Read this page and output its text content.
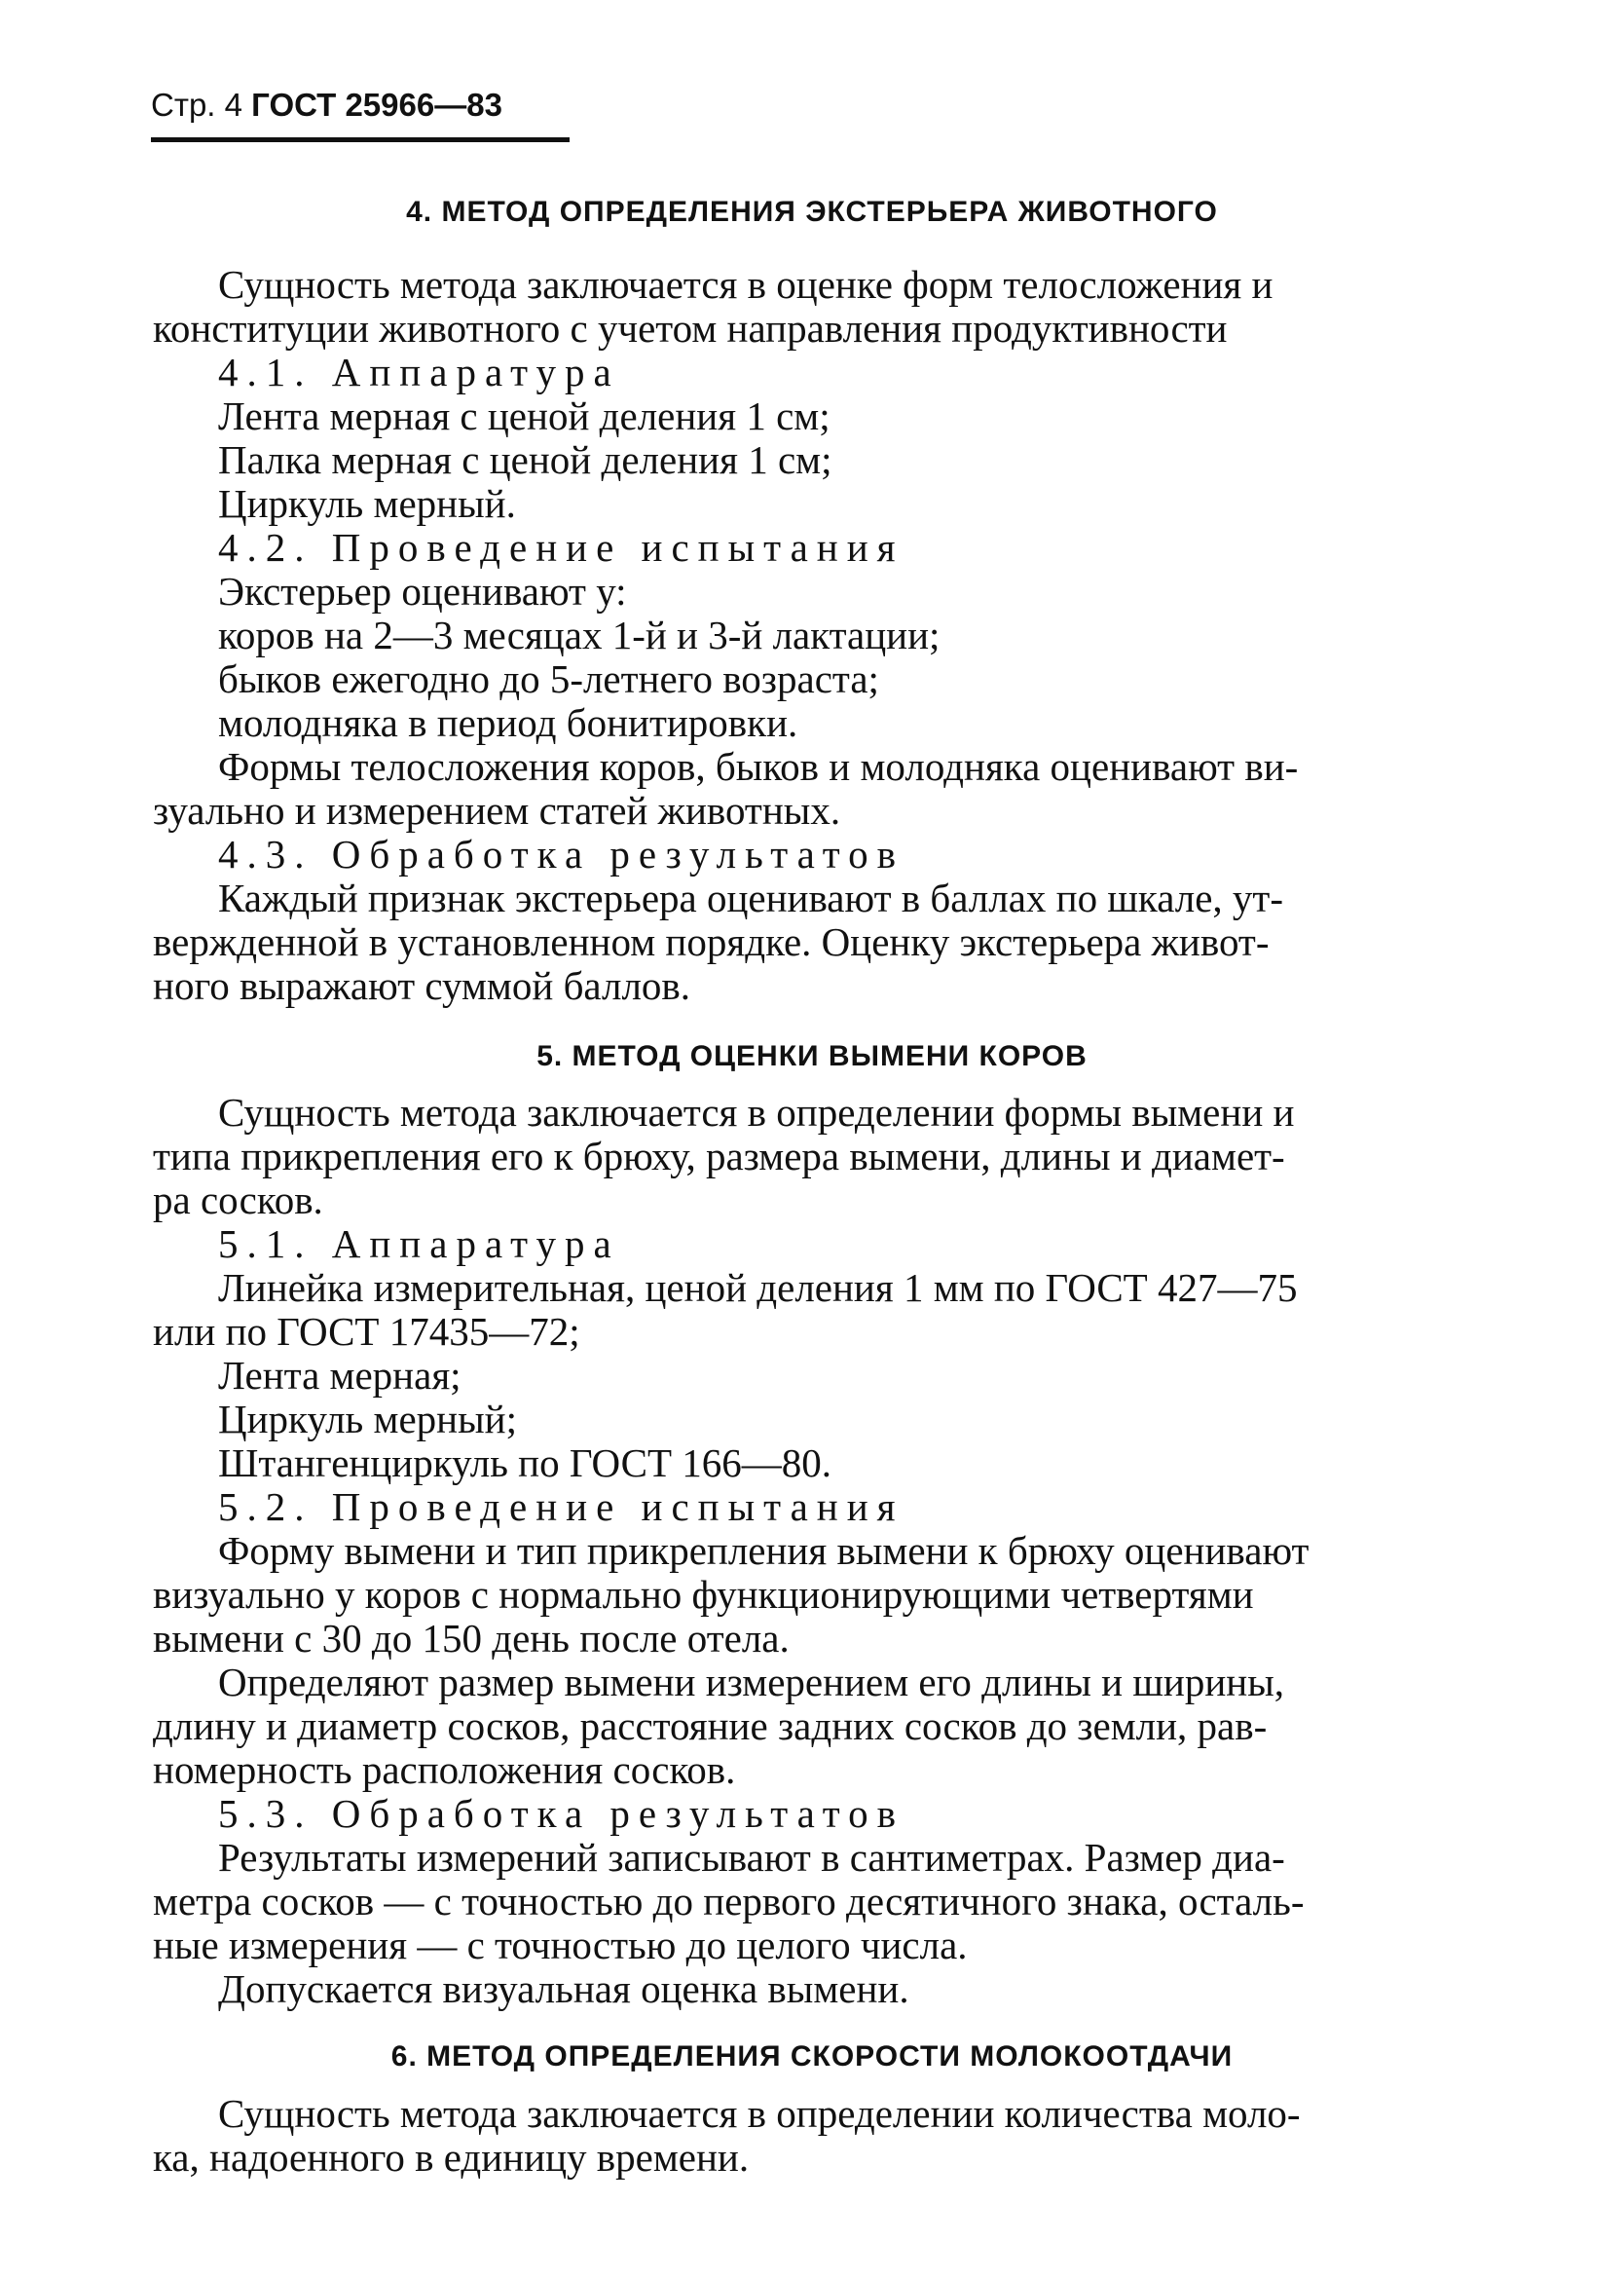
Стр. 4 ГОСТ 25966—83
4. МЕТОД ОПРЕДЕЛЕНИЯ ЭКСТЕРЬЕРА ЖИВОТНОГО
Сущность метода заключается в оценке форм телосложения и
конституции животного с учетом направления продуктивности
4.1. Аппаратура
Лента мерная с ценой деления 1 см;
Палка мерная с ценой деления 1 см;
Циркуль мерный.
4.2. Проведение испытания
Экстерьер оценивают у:
коров на 2—3 месяцах 1-й и 3-й лактации;
быков ежегодно до 5-летнего возраста;
молодняка в период бонитировки.
Формы телосложения коров, быков и молодняка оценивают ви-
зуально и измерением статей животных.
4.3. Обработка результатов
Каждый признак экстерьера оценивают в баллах по шкале, ут-
вержденной в установленном порядке. Оценку экстерьера живот-
ного выражают суммой баллов.
5. МЕТОД ОЦЕНКИ ВЫМЕНИ КОРОВ
Сущность метода заключается в определении формы вымени и
типа прикрепления его к брюху, размера вымени, длины и диамет-
ра сосков.
5.1. Аппаратура
Линейка измерительная, ценой деления 1 мм по ГОСТ 427—75
или по ГОСТ 17435—72;
Лента мерная;
Циркуль мерный;
Штангенциркуль по ГОСТ 166—80.
5.2. Проведение испытания
Форму вымени и тип прикрепления вымени к брюху оценивают
визуально у коров с нормально функционирующими четвертями
вымени с 30 до 150 день после отела.
Определяют размер вымени измерением его длины и ширины,
длину и диаметр сосков, расстояние задних сосков до земли, рав-
номерность расположения сосков.
5.3. Обработка результатов
Результаты измерений записывают в сантиметрах. Размер диа-
метра сосков — с точностью до первого десятичного знака, осталь-
ные измерения — с точностью до целого числа.
Допускается визуальная оценка вымени.
6. МЕТОД ОПРЕДЕЛЕНИЯ СКОРОСТИ МОЛОКООТДАЧИ
Сущность метода заключается в определении количества моло-
ка, надоенного в единицу времени.
